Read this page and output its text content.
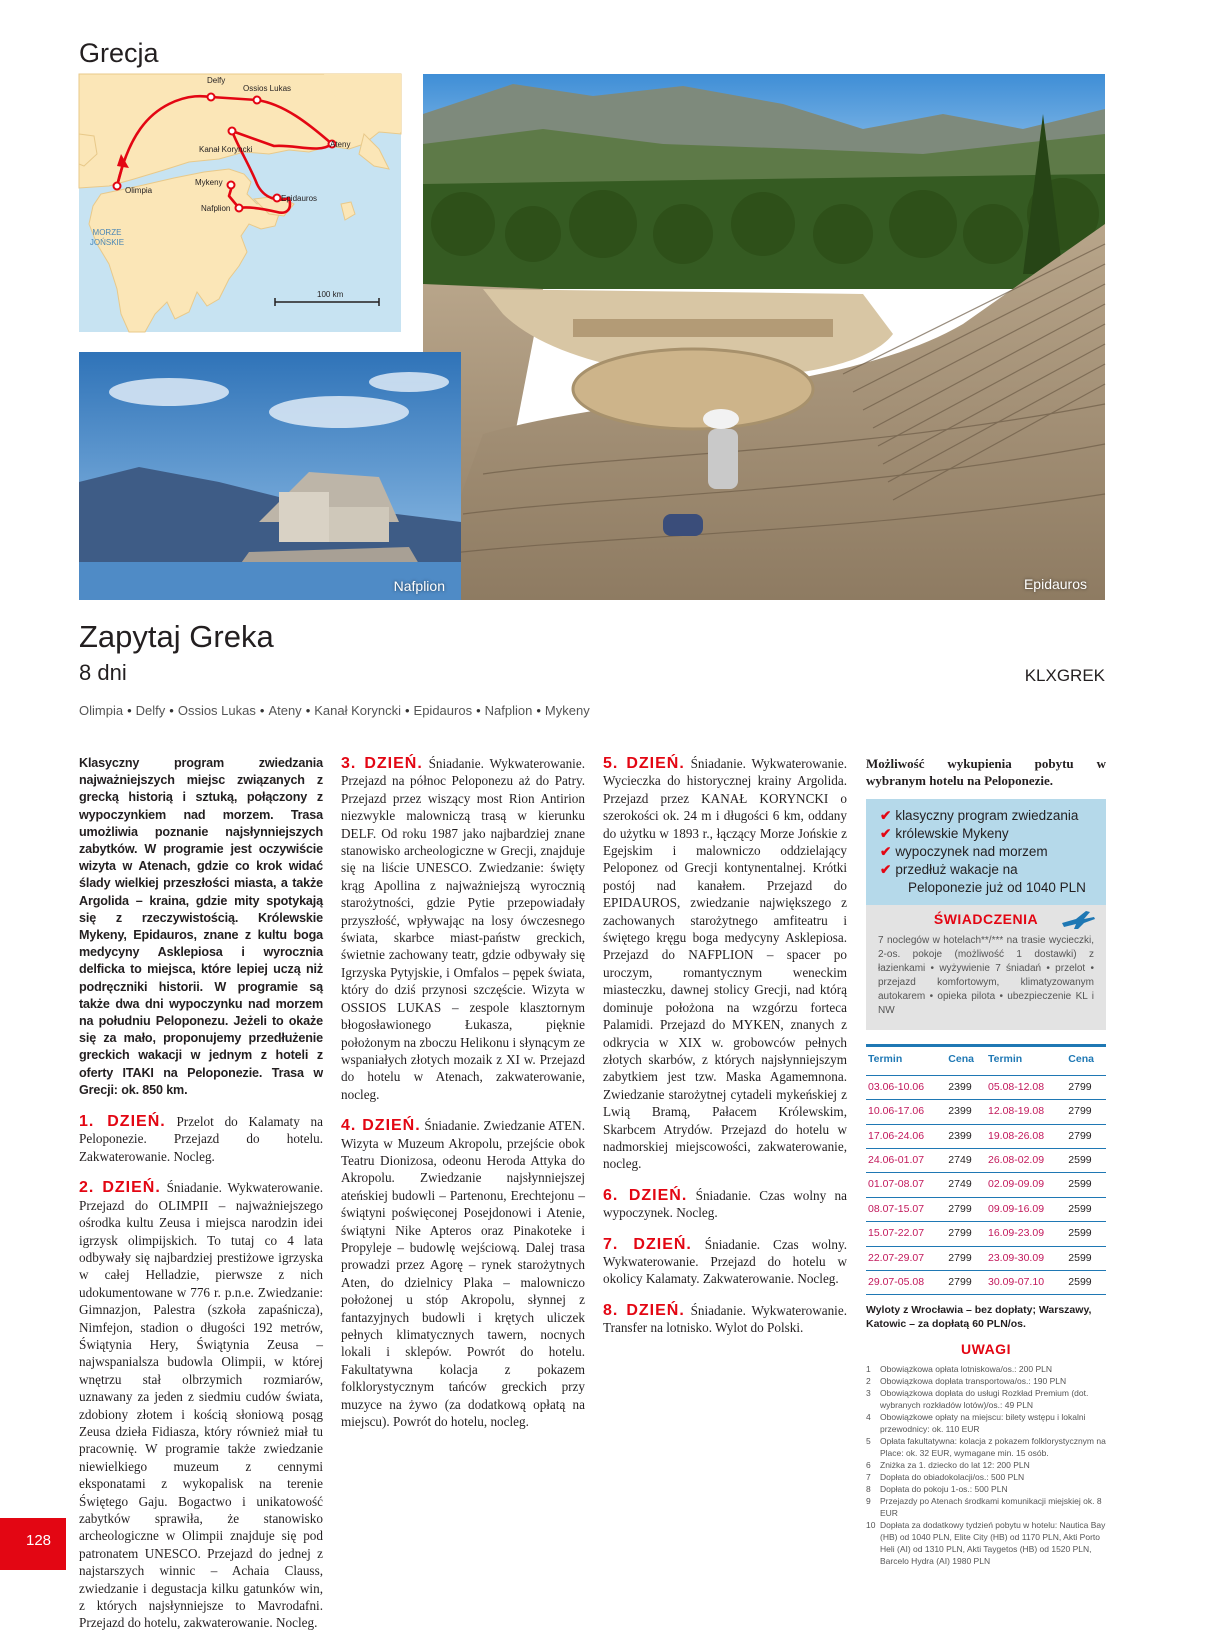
Grecja
Delfy
Ossios Lukas
Kanał Koryncki
Ateny
Olimpia
Mykeny
Nafplion
Epidauros
MORZE JOŃSKIE
100 km
Epidauros
Nafplion
Zapytaj Greka
8 dni	KLXGREK
Olimpia • Delfy • Ossios Lukas • Ateny • Kanał Koryncki • Epidauros • Nafplion • Mykeny

Klasyczny program zwiedzania najważniejszych miejsc związanych z grecką historią i sztuką, połączony z wypoczynkiem nad morzem. Trasa umożliwia poznanie najsłynniejszych zabytków. W programie jest oczywiście wizyta w Atenach, gdzie co krok widać ślady wielkiej przeszłości miasta, a także Argolida – kraina, gdzie mity spotykają się z rzeczywistością. Królewskie Mykeny, Epidauros, znane z kultu boga medycyny Asklepiosa i wyrocznia delficka to miejsca, które lepiej uczą niż podręczniki historii. W programie są także dwa dni wypoczynku nad morzem na południu Peloponezu. Jeżeli to okaże się za mało, proponujemy przedłużenie greckich wakacji w jednym z hoteli z oferty ITAKI na Peloponezie. Trasa w Grecji: ok. 850 km.

1. DZIEŃ. Przelot do Kalamaty na Peloponezie. Przejazd do hotelu. Zakwaterowanie. Nocleg.

2. DZIEŃ. Śniadanie. Wykwaterowanie. Przejazd do OLIMPII – najważniejszego ośrodka kultu Zeusa i miejsca narodzin idei igrzysk olimpijskich. To tutaj co 4 lata odbywały się najbardziej prestiżowe igrzyska w całej Helladzie, pierwsze z nich udokumentowane w 776 r. p.n.e. Zwiedzanie: Gimnazjon, Palestra (szkoła zapaśnicza), Nimfejon, stadion o długości 192 metrów, Świątynia Hery, Świątynia Zeusa – najwspanialsza budowla Olimpii, w której wnętrzu stał olbrzymich rozmiarów, uznawany za jeden z siedmiu cudów świata, zdobiony złotem i kością słoniową posąg Zeusa dzieła Fidiasza, który również miał tu pracownię. W programie także zwiedzanie niewielkiego muzeum z cennymi eksponatami z wykopalisk na terenie Świętego Gaju. Bogactwo i unikatowość zabytków sprawiła, że stanowisko archeologiczne w Olimpii znajduje się pod patronatem UNESCO. Przejazd do jednej z najstarszych winnic – Achaia Clauss, zwiedzanie i degustacja kilku gatunków win, z których najsłynniejsze to Mavrodafni. Przejazd do hotelu, zakwaterowanie. Nocleg.

3. DZIEŃ. Śniadanie. Wykwaterowanie. Przejazd na północ Peloponezu aż do Patry. Przejazd przez wiszący most Rion Antirion niezwykle malowniczą trasą w kierunku DELF. Od roku 1987 jako najbardziej znane stanowisko archeologiczne w Grecji, znajduje się na liście UNESCO. Zwiedzanie: święty krąg Apollina z najważniejszą wyrocznią starożytności, gdzie Pytie przepowiadały przyszłość, wpływając na losy ówczesnego świata, skarbce miast-państw greckich, świetnie zachowany teatr, gdzie odbywały się Igrzyska Pytyjskie, i Omfalos – pępek świata, który do dziś przynosi szczęście. Wizyta w OSSIOS LUKAS – zespole klasztornym błogosławionego Łukasza, pięknie położonym na zboczu Helikonu i słynącym ze wspaniałych złotych mozaik z XI w. Przejazd do hotelu w Atenach, zakwaterowanie, nocleg.

4. DZIEŃ. Śniadanie. Zwiedzanie ATEN. Wizyta w Muzeum Akropolu, przejście obok Teatru Dionizosa, odeonu Heroda Attyka do Akropolu. Zwiedzanie najsłynniejszej ateńskiej budowli – Partenonu, Erechtejonu – świątyni poświęconej Posejdonowi i Atenie, świątyni Nike Apteros oraz Pinakoteke i Propyleje – budowlę wejściową. Dalej trasa prowadzi przez Agorę – rynek starożytnych Aten, do dzielnicy Plaka – malowniczo położonej u stóp Akropolu, słynnej z fantazyjnych budowli i krętych uliczek pełnych klimatycznych tawern, nocnych lokali i sklepów. Powrót do hotelu. Fakultatywna kolacja z pokazem folklorystycznym tańców greckich przy muzyce na żywo (za dodatkową opłatą na miejscu). Powrót do hotelu, nocleg.

5. DZIEŃ. Śniadanie. Wykwaterowanie. Wycieczka do historycznej krainy Argolida. Przejazd przez KANAŁ KORYNCKI o szerokości ok. 24 m i długości 6 km, oddany do użytku w 1893 r., łączący Morze Jońskie z Egejskim i malowniczo oddzielający Peloponez od Grecji kontynentalnej. Krótki postój nad kanałem. Przejazd do EPIDAUROS, zwiedzanie największego z zachowanych starożytnego amfiteatru i świętego kręgu boga medycyny Asklepiosa. Przejazd do NAFPLION – spacer po uroczym, romantycznym weneckim miasteczku, dawnej stolicy Grecji, nad którą dominuje położona na wzgórzu forteca Palamidi. Przejazd do MYKEN, znanych z odkrycia w XIX w. grobowców pełnych złotych skarbów, z których najsłynniejszym zabytkiem jest tzw. Maska Agamemnona. Zwiedzanie starożytnej cytadeli mykeńskiej z Lwią Bramą, Pałacem Królewskim, Skarbcem Atrydów. Przejazd do hotelu w nadmorskiej miejscowości, zakwaterowanie, nocleg.

6. DZIEŃ. Śniadanie. Czas wolny na wypoczynek. Nocleg.

7. DZIEŃ. Śniadanie. Czas wolny. Wykwaterowanie. Przejazd do hotelu w okolicy Kalamaty. Zakwaterowanie. Nocleg.

8. DZIEŃ. Śniadanie. Wykwaterowanie. Transfer na lotnisko. Wylot do Polski.

Możliwość wykupienia pobytu w wybranym hotelu na Peloponezie.

✔ klasyczny program zwiedzania
✔ królewskie Mykeny
✔ wypoczynek nad morzem
✔ przedłuż wakacje na
Peloponezie już od 1040 PLN
ŚWIADCZENIA
7 noclegów w hotelach**/*** na trasie wycieczki, 2-os. pokoje (możliwość 1 dostawki) z łazienkami • wyżywienie 7 śniadań • przelot • przejazd komfortowym, klimatyzowanym autokarem • opieka pilota • ubezpieczenie KL i NW
Termin	Cena	Termin	Cena
03.06-10.06	2399	05.08-12.08	2799
10.06-17.06	2399	12.08-19.08	2799
17.06-24.06	2399	19.08-26.08	2799
24.06-01.07	2749	26.08-02.09	2599
01.07-08.07	2749	02.09-09.09	2599
08.07-15.07	2799	09.09-16.09	2599
15.07-22.07	2799	16.09-23.09	2599
22.07-29.07	2799	23.09-30.09	2599
29.07-05.08	2799	30.09-07.10	2599

Wyloty z Wrocławia – bez dopłaty; Warszawy, Katowic – za dopłatą 60 PLN/os.

UWAGI
1	Obowiązkowa opłata lotniskowa/os.: 200 PLN
2	Obowiązkowa dopłata transportowa/os.: 190 PLN
3	Obowiązkowa dopłata do usługi Rozkład Premium (dot. wybranych rozkładów lotów)/os.: 49 PLN
4	Obowiązkowe opłaty na miejscu: bilety wstępu i lokalni przewodnicy: ok. 110 EUR
5	Opłata fakultatywna: kolacja z pokazem folklorystycznym na Place: ok. 32 EUR, wymagane min. 15 osób.
6	Zniżka za 1. dziecko do lat 12: 200 PLN
7	Dopłata do obiadokolacji/os.: 500 PLN
8	Dopłata do pokoju 1-os.: 500 PLN
9	Przejazdy po Atenach środkami komunikacji miejskiej ok. 8 EUR
10 Dopłata za dodatkowy tydzień pobytu w hotelu: Nautica Bay (HB) od 1040 PLN, Elite City (HB) od 1170 PLN, Akti Porto Heli (AI) od 1310 PLN, Akti Taygetos (HB) od 1520 PLN, Barcelo Hydra (AI) 1980 PLN
128
